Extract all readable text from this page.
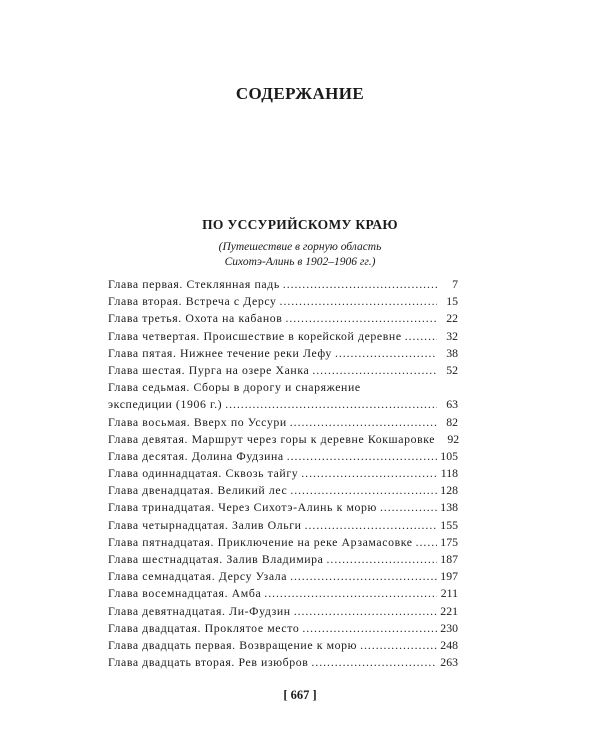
СОДЕРЖАНИЕ
ПО УССУРИЙСКОМУ КРАЮ
(Путешествие в горную область
Сихотэ-Алинь в 1902–1906 гг.)
Глава первая. Стеклянная падь . . .	7
Глава вторая. Встреча с Дерсу . . .	15
Глава третья. Охота на кабанов . . .	22
Глава четвертая. Происшествие в корейской деревне . . .	32
Глава пятая. Нижнее течение реки Лефу . . .	38
Глава шестая. Пурга на озере Ханка . . .	52
Глава седьмая. Сборы в дорогу и снаряжение
экспедиции (1906 г.) . . .	63
Глава восьмая. Вверх по Уссури . . .	82
Глава девятая. Маршрут через горы к деревне Кокшаровке	92
Глава десятая. Долина Фудзина . . .	105
Глава одиннадцатая. Сквозь тайгу . . .	118
Глава двенадцатая. Великий лес . . .	128
Глава тринадцатая. Через Сихотэ-Алинь к морю . . .	138
Глава четырнадцатая. Залив Ольги . . .	155
Глава пятнадцатая. Приключение на реке Арзамасовке . . . 175
Глава шестнадцатая. Залив Владимира . . .	187
Глава семнадцатая. Дерсу Узала . . .	197
Глава восемнадцатая. Амба . . .	211
Глава девятнадцатая. Ли-Фудзин . . .	221
Глава двадцатая. Проклятое место . . .	230
Глава двадцать первая. Возвращение к морю . . .	248
Глава двадцать вторая. Рев изюбров . . .	263
[ 667 ]
